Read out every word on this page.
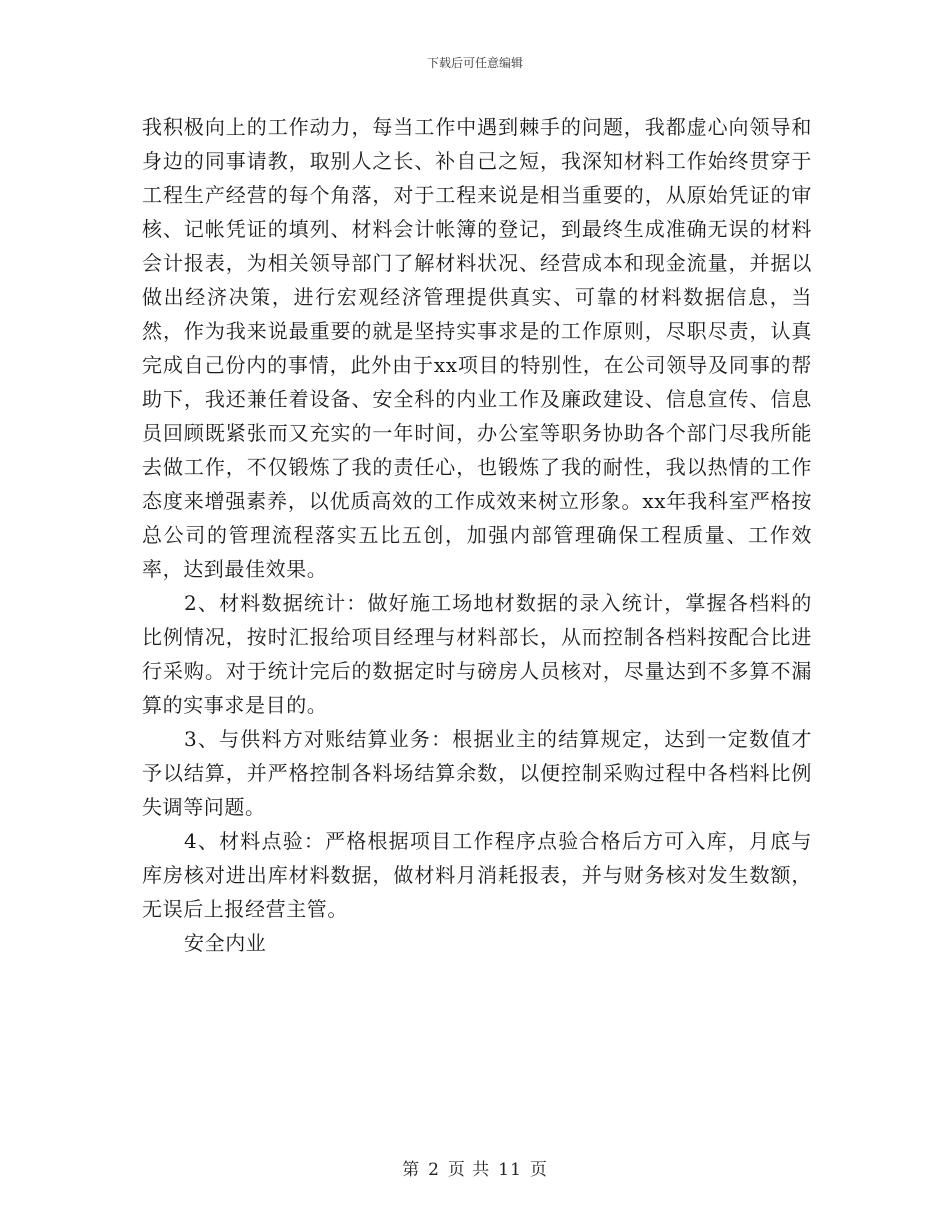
下载后可任意编辑

我积极向上的工作动力，每当工作中遇到棘手的问题，我都虚心向领导和身边的同事请教，取别人之长、补自己之短，我深知材料工作始终贯穿于工程生产经营的每个角落，对于工程来说是相当重要的，从原始凭证的审核、记帐凭证的填列、材料会计帐簿的登记，到最终生成准确无误的材料会计报表，为相关领导部门了解材料状况、经营成本和现金流量，并据以做出经济决策，进行宏观经济管理提供真实、可靠的材料数据信息，当然，作为我来说最重要的就是坚持实事求是的工作原则，尽职尽责，认真完成自己份内的事情，此外由于xx项目的特别性，在公司领导及同事的帮助下，我还兼任着设备、安全科的内业工作及廉政建设、信息宣传、信息员回顾既紧张而又充实的一年时间，办公室等职务协助各个部门尽我所能去做工作，不仅锻炼了我的责任心，也锻炼了我的耐性，我以热情的工作态度来增强素养，以优质高效的工作成效来树立形象。xx年我科室严格按总公司的管理流程落实五比五创，加强内部管理确保工程质量、工作效率，达到最佳效果。

2、材料数据统计：做好施工场地材数据的录入统计，掌握各档料的比例情况，按时汇报给项目经理与材料部长，从而控制各档料按配合比进行采购。对于统计完后的数据定时与磅房人员核对，尽量达到不多算不漏算的实事求是目的。

3、与供料方对账结算业务：根据业主的结算规定，达到一定数值才予以结算，并严格控制各料场结算余数，以便控制采购过程中各档料比例失调等问题。

4、材料点验：严格根据项目工作程序点验合格后方可入库，月底与库房核对进出库材料数据，做材料月消耗报表，并与财务核对发生数额，无误后上报经营主管。

安全内业

第 2 页 共 11 页
